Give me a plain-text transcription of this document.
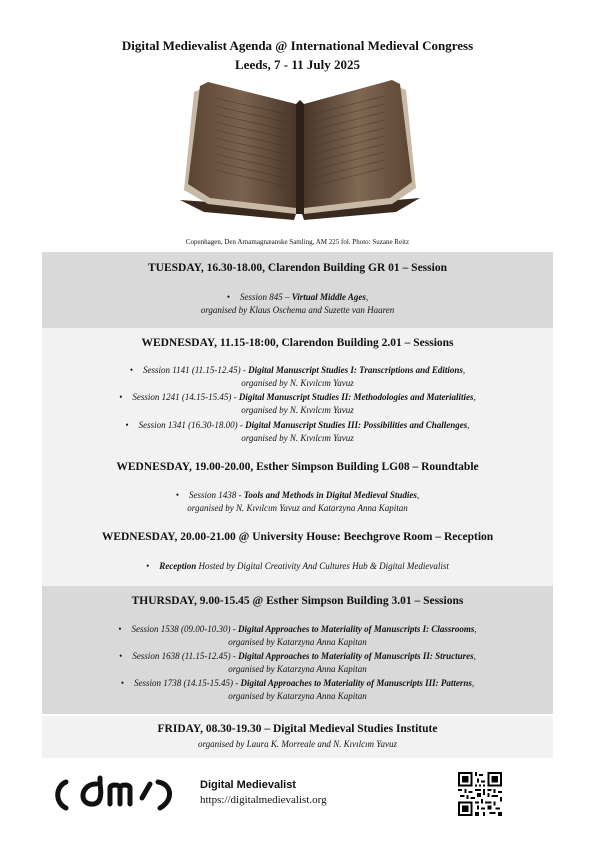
Digital Medievalist Agenda @ International Medieval Congress
Leeds, 7 - 11 July 2025
Copenhagen, Den Arnamagnæanske Samling, AM 225 fol. Photo: Suzane Reitz
TUESDAY, 16.30-18.00, Clarendon Building GR 01 – Session
• Session 845 – Virtual Middle Ages,
organised by Klaus Oschema and Suzette van Haaren
WEDNESDAY, 11.15-18:00, Clarendon Building 2.01 – Sessions
• Session 1141 (11.15-12.45) - Digital Manuscript Studies I: Transcriptions and Editions,
organised by N. Kıvılcım Yavuz
• Session 1241 (14.15-15.45) - Digital Manuscript Studies II: Methodologies and Materialities,
organised by N. Kıvılcım Yavuz
• Session 1341 (16.30-18.00) - Digital Manuscript Studies III: Possibilities and Challenges,
organised by N. Kıvılcım Yavuz
WEDNESDAY, 19.00-20.00, Esther Simpson Building LG08 – Roundtable
• Session 1438 - Tools and Methods in Digital Medieval Studies,
organised by N. Kıvılcım Yavuz and Katarzyna Anna Kapitan
WEDNESDAY, 20.00-21.00 @ University House: Beechgrove Room – Reception
• Reception Hosted by Digital Creativity And Cultures Hub & Digital Medievalist
THURSDAY, 9.00-15.45 @ Esther Simpson Building 3.01 – Sessions
• Session 1538 (09.00-10.30) - Digital Approaches to Materiality of Manuscripts I: Classrooms,
organised by Katarzyna Anna Kapitan
• Session 1638 (11.15-12.45) - Digital Approaches to Materiality of Manuscripts II: Structures,
organised by Katarzyna Anna Kapitan
• Session 1738 (14.15-15.45) - Digital Approaches to Materiality of Manuscripts III: Patterns,
organised by Katarzyna Anna Kapitan
FRIDAY, 08.30-19.30 – Digital Medieval Studies Institute
organised by Laura K. Morreale and N. Kıvılcım Yavuz
Digital Medievalist
https://digitalmedievalist.org
